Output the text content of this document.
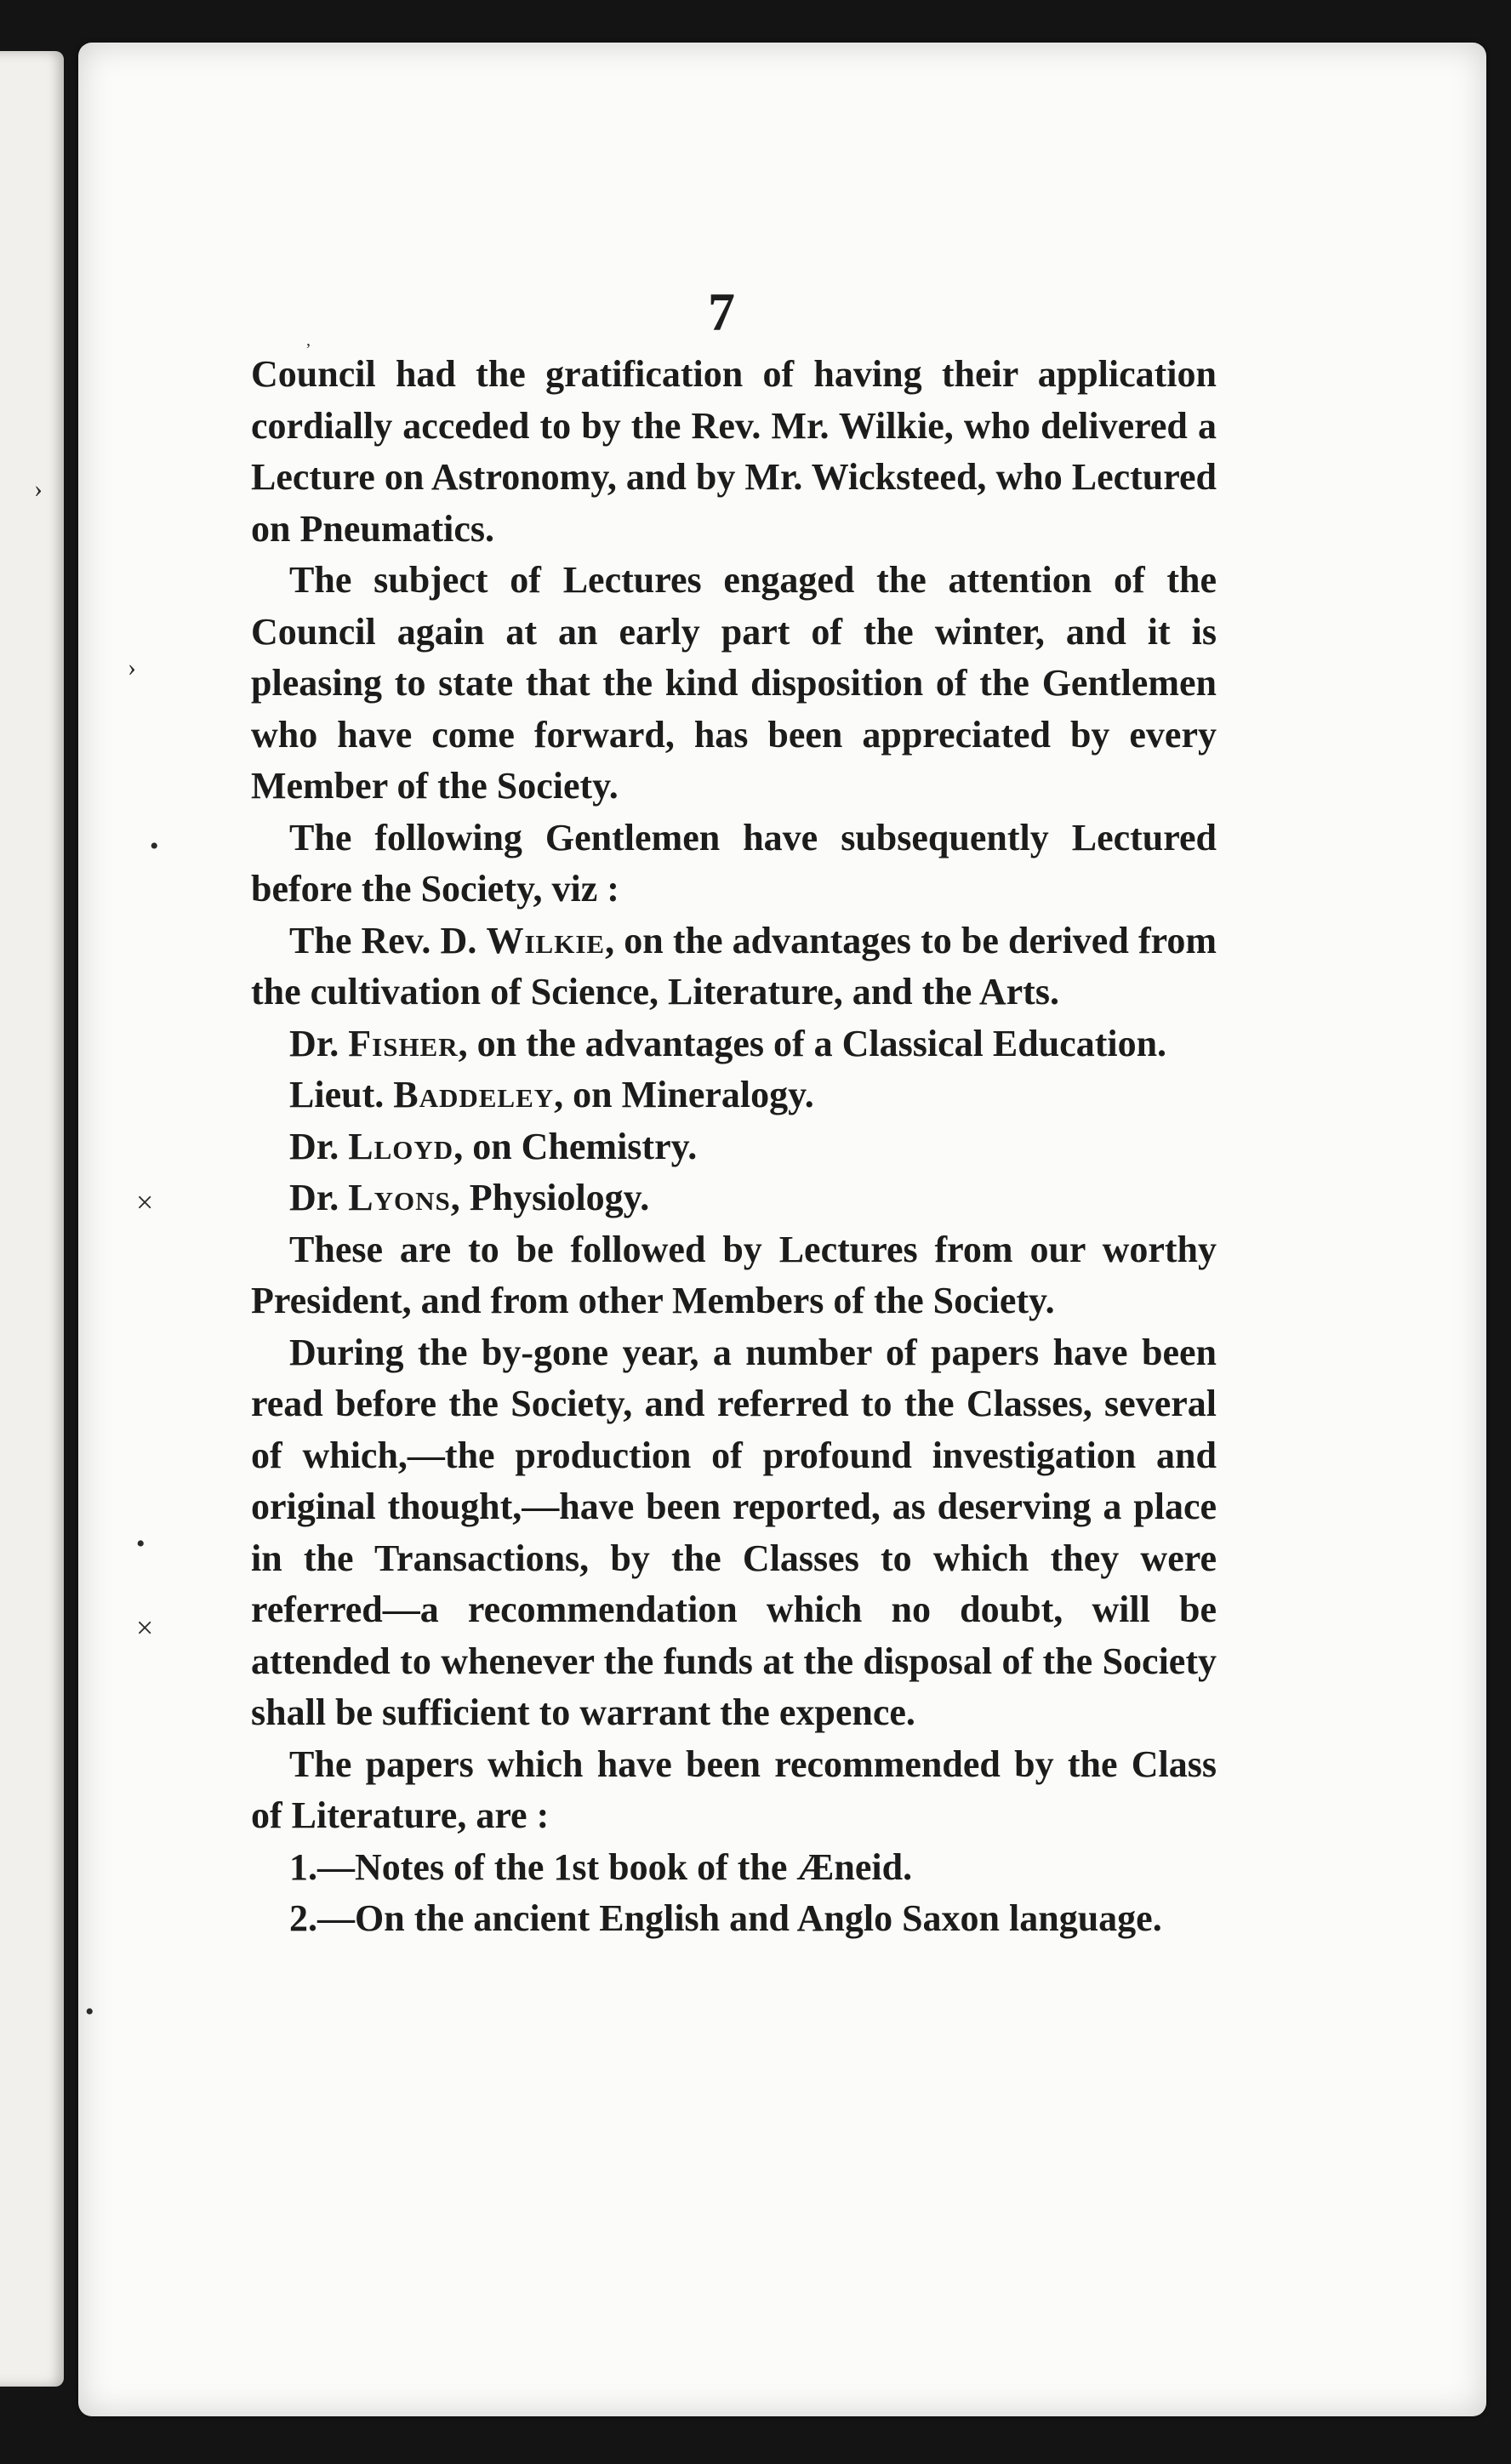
,
›
›
•
×
•
×
•
7

Council had the gratification of having their application cordially acceded to by the Rev. Mr. Wilkie, who delivered a Lecture on Astronomy, and by Mr. Wicksteed, who Lectured on Pneumatics.

The subject of Lectures engaged the attention of the Council again at an early part of the winter, and it is pleasing to state that the kind disposition of the Gentlemen who have come forward, has been appreciated by every Member of the Society.

The following Gentlemen have subsequently Lectured before the Society, viz :

The Rev. D. Wilkie, on the advantages to be derived from the cultivation of Science, Literature, and the Arts.

Dr. Fisher, on the advantages of a Classical Education.

Lieut. Baddeley, on Mineralogy.

Dr. Lloyd, on Chemistry.

Dr. Lyons, Physiology.

These are to be followed by Lectures from our worthy President, and from other Members of the Society.

During the by-gone year, a number of papers have been read before the Society, and referred to the Classes, several of which,—the production of profound investigation and original thought,—have been reported, as deserving a place in the Transactions, by the Classes to which they were referred—a recommendation which no doubt, will be attended to whenever the funds at the disposal of the Society shall be sufficient to warrant the expence.

The papers which have been recommended by the Class of Literature, are :

1.—Notes of the 1st book of the Æneid.

2.—On the ancient English and Anglo Saxon language.
